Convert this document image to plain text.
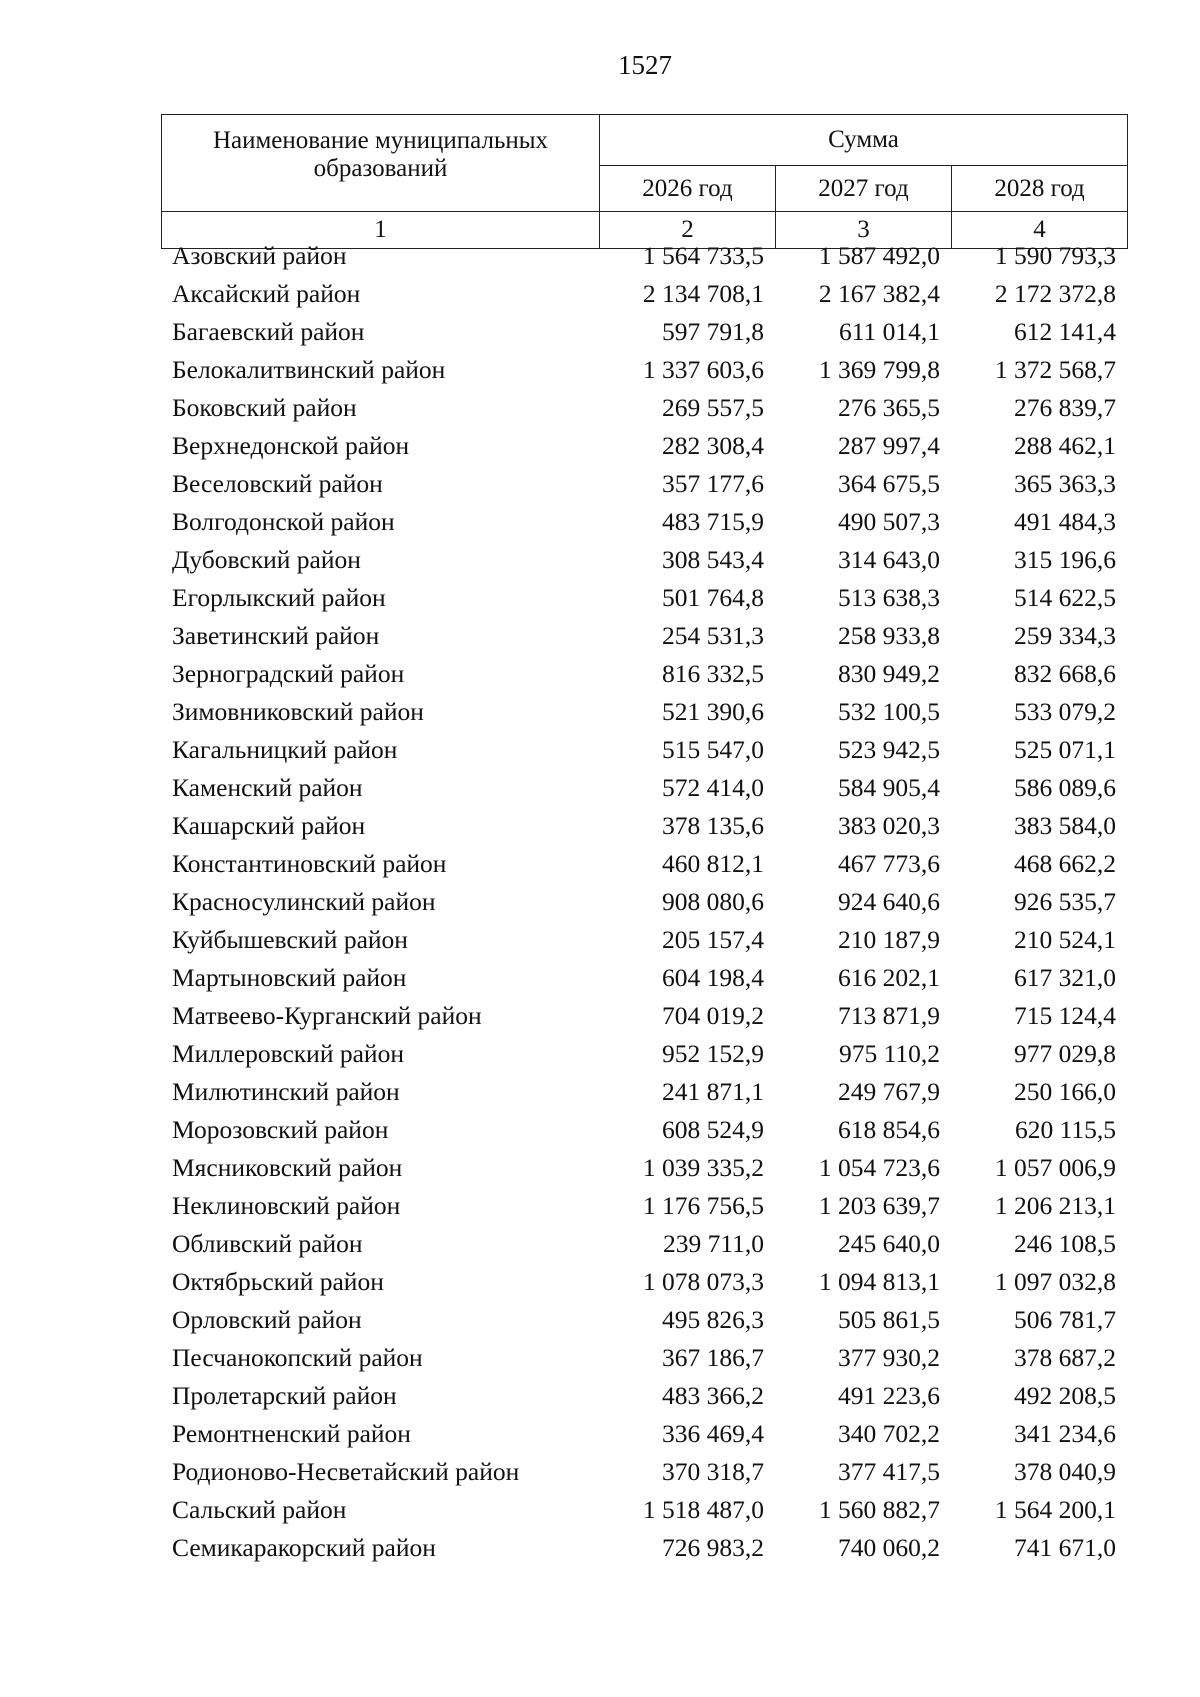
1527
Наименование муниципальных образований	Сумма		
	2026 год	2027 год	2028 год
1	2	3	4
Азовский район	1 564 733,5	1 587 492,0	1 590 793,3
Аксайский район	2 134 708,1	2 167 382,4	2 172 372,8
Багаевский район	597 791,8	611 014,1	612 141,4
Белокалитвинский район	1 337 603,6	1 369 799,8	1 372 568,7
Боковский район	269 557,5	276 365,5	276 839,7
Верхнедонской район	282 308,4	287 997,4	288 462,1
Веселовский район	357 177,6	364 675,5	365 363,3
Волгодонской район	483 715,9	490 507,3	491 484,3
Дубовский район	308 543,4	314 643,0	315 196,6
Егорлыкский район	501 764,8	513 638,3	514 622,5
Заветинский район	254 531,3	258 933,8	259 334,3
Зерноградский район	816 332,5	830 949,2	832 668,6
Зимовниковский район	521 390,6	532 100,5	533 079,2
Кагальницкий район	515 547,0	523 942,5	525 071,1
Каменский район	572 414,0	584 905,4	586 089,6
Кашарский район	378 135,6	383 020,3	383 584,0
Константиновский район	460 812,1	467 773,6	468 662,2
Красносулинский район	908 080,6	924 640,6	926 535,7
Куйбышевский район	205 157,4	210 187,9	210 524,1
Мартыновский район	604 198,4	616 202,1	617 321,0
Матвеево-Курганский район	704 019,2	713 871,9	715 124,4
Миллеровский район	952 152,9	975 110,2	977 029,8
Милютинский район	241 871,1	249 767,9	250 166,0
Морозовский район	608 524,9	618 854,6	620 115,5
Мясниковский район	1 039 335,2	1 054 723,6	1 057 006,9
Неклиновский район	1 176 756,5	1 203 639,7	1 206 213,1
Обливский район	239 711,0	245 640,0	246 108,5
Октябрьский район	1 078 073,3	1 094 813,1	1 097 032,8
Орловский район	495 826,3	505 861,5	506 781,7
Песчанокопский район	367 186,7	377 930,2	378 687,2
Пролетарский район	483 366,2	491 223,6	492 208,5
Ремонтненский район	336 469,4	340 702,2	341 234,6
Родионово-Несветайский район	370 318,7	377 417,5	378 040,9
Сальский район	1 518 487,0	1 560 882,7	1 564 200,1
Семикаракорский район	726 983,2	740 060,2	741 671,0
